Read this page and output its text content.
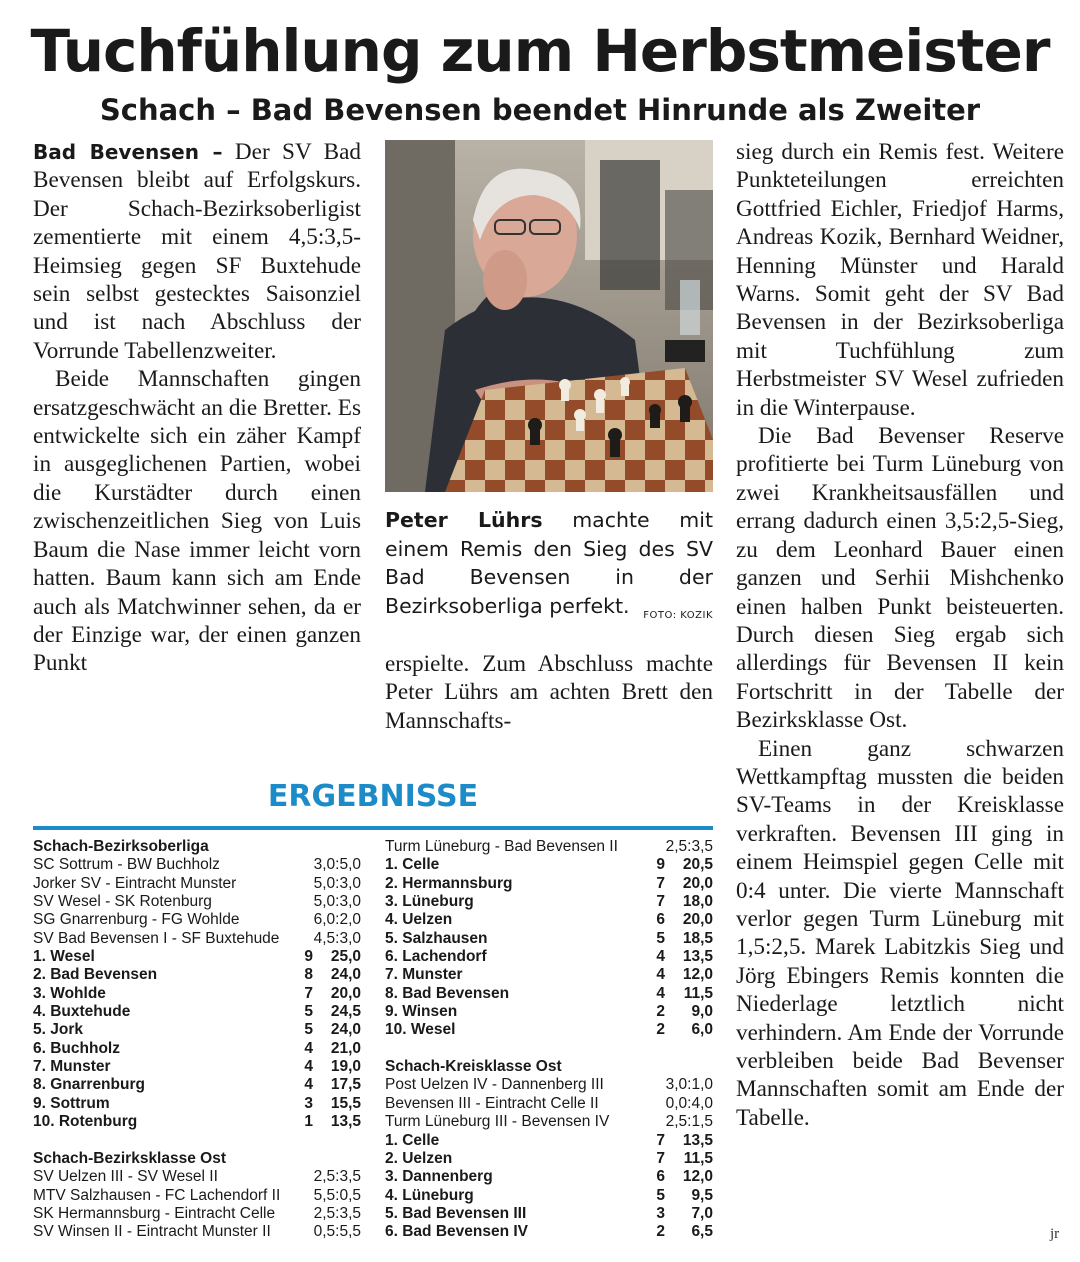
Tuchfühlung zum Herbstmeister
Schach – Bad Bevensen beendet Hinrunde als Zweiter

Bad Bevensen – Der SV Bad Bevensen bleibt auf Erfolgskurs. Der Schach-Bezirksoberligist zementierte mit einem 4,5:3,5-Heimsieg gegen SF Buxtehude sein selbst gestecktes Saisonziel und ist nach Abschluss der Vorrunde Tabellenzweiter.

Beide Mannschaften gingen ersatzgeschwächt an die Bretter. Es entwickelte sich ein zäher Kampf in ausgeglichenen Partien, wobei die Kurstädter durch einen zwischenzeitlichen Sieg von Luis Baum die Nase immer leicht vorn hatten. Baum kann sich am Ende auch als Matchwinner sehen, da er der Einzige war, der einen ganzen Punkt

Peter Lührs machte mit einem Remis den Sieg des SV Bad Bevensen in der Bezirksoberliga perfekt. FOTO: KOZIK

erspielte. Zum Abschluss machte Peter Lührs am achten Brett den Mannschafts-

sieg durch ein Remis fest. Weitere Punkteteilungen erreichten Gottfried Eichler, Friedjof Harms, Andreas Kozik, Bernhard Weidner, Henning Münster und Harald Warns. Somit geht der SV Bad Bevensen in der Bezirksoberliga mit Tuchfühlung zum Herbstmeister SV Wesel zufrieden in die Winterpause.

Die Bad Bevenser Reserve profitierte bei Turm Lüneburg von zwei Krankheitsausfällen und errang dadurch einen 3,5:2,5-Sieg, zu dem Leonhard Bauer einen ganzen und Serhii Mishchenko einen halben Punkt beisteuerten. Durch diesen Sieg ergab sich allerdings für Bevensen II kein Fortschritt in der Tabelle der Bezirksklasse Ost.

Einen ganz schwarzen Wettkampftag mussten die beiden SV-Teams in der Kreisklasse verkraften. Bevensen III ging in einem Heimspiel gegen Celle mit 0:4 unter. Die vierte Mannschaft verlor gegen Turm Lüneburg mit 1,5:2,5. Marek Labitzkis Sieg und Jörg Ebingers Remis konnten die Niederlage letztlich nicht verhindern. Am Ende der Vorrunde verbleiben beide Bad Bevenser Mannschaften somit am Ende der Tabelle.

jr
ERGEBNISSE
Schach-Bezirksoberliga
SC Sottrum - BW Buchholz	3,0:5,0
Jorker SV - Eintracht Munster	5,0:3,0
SV Wesel - SK Rotenburg	5,0:3,0
SG Gnarrenburg - FG Wohlde	6,0:2,0
SV Bad Bevensen I - SF Buxtehude 4,5:3,0
1. Wesel	9 25,0
2. Bad Bevensen	8 24,0
3. Wohlde	7 20,0
4. Buxtehude	5 24,5
5. Jork	5 24,0
6. Buchholz	4 21,0
7. Munster	4 19,0
8. Gnarrenburg	4 17,5
9. Sottrum	3 15,5
10. Rotenburg	1 13,5
Schach-Bezirksklasse Ost
SV Uelzen III - SV Wesel II	2,5:3,5
MTV Salzhausen - FC Lachendorf II 5,5:0,5
SK Hermannsburg - Eintracht Celle 2,5:3,5
SV Winsen II - Eintracht Munster II	0,5:5,5
Turm Lüneburg - Bad Bevensen II	2,5:3,5
1. Celle	9 20,5
2. Hermannsburg	7 20,0
3. Lüneburg	7 18,0
4. Uelzen	6 20,0
5. Salzhausen	5 18,5
6. Lachendorf	4 13,5
7. Munster	4 12,0
8. Bad Bevensen	4 11,5
9. Winsen	2 9,0
10. Wesel	2 6,0
Schach-Kreisklasse Ost
Post Uelzen IV - Dannenberg III	3,0:1,0
Bevensen III - Eintracht Celle II	0,0:4,0
Turm Lüneburg III - Bevensen IV	2,5:1,5
1. Celle	7 13,5
2. Uelzen	7 11,5
3. Dannenberg	6 12,0
4. Lüneburg	5 9,5
5. Bad Bevensen III	3 7,0
6. Bad Bevensen IV	2 6,5
